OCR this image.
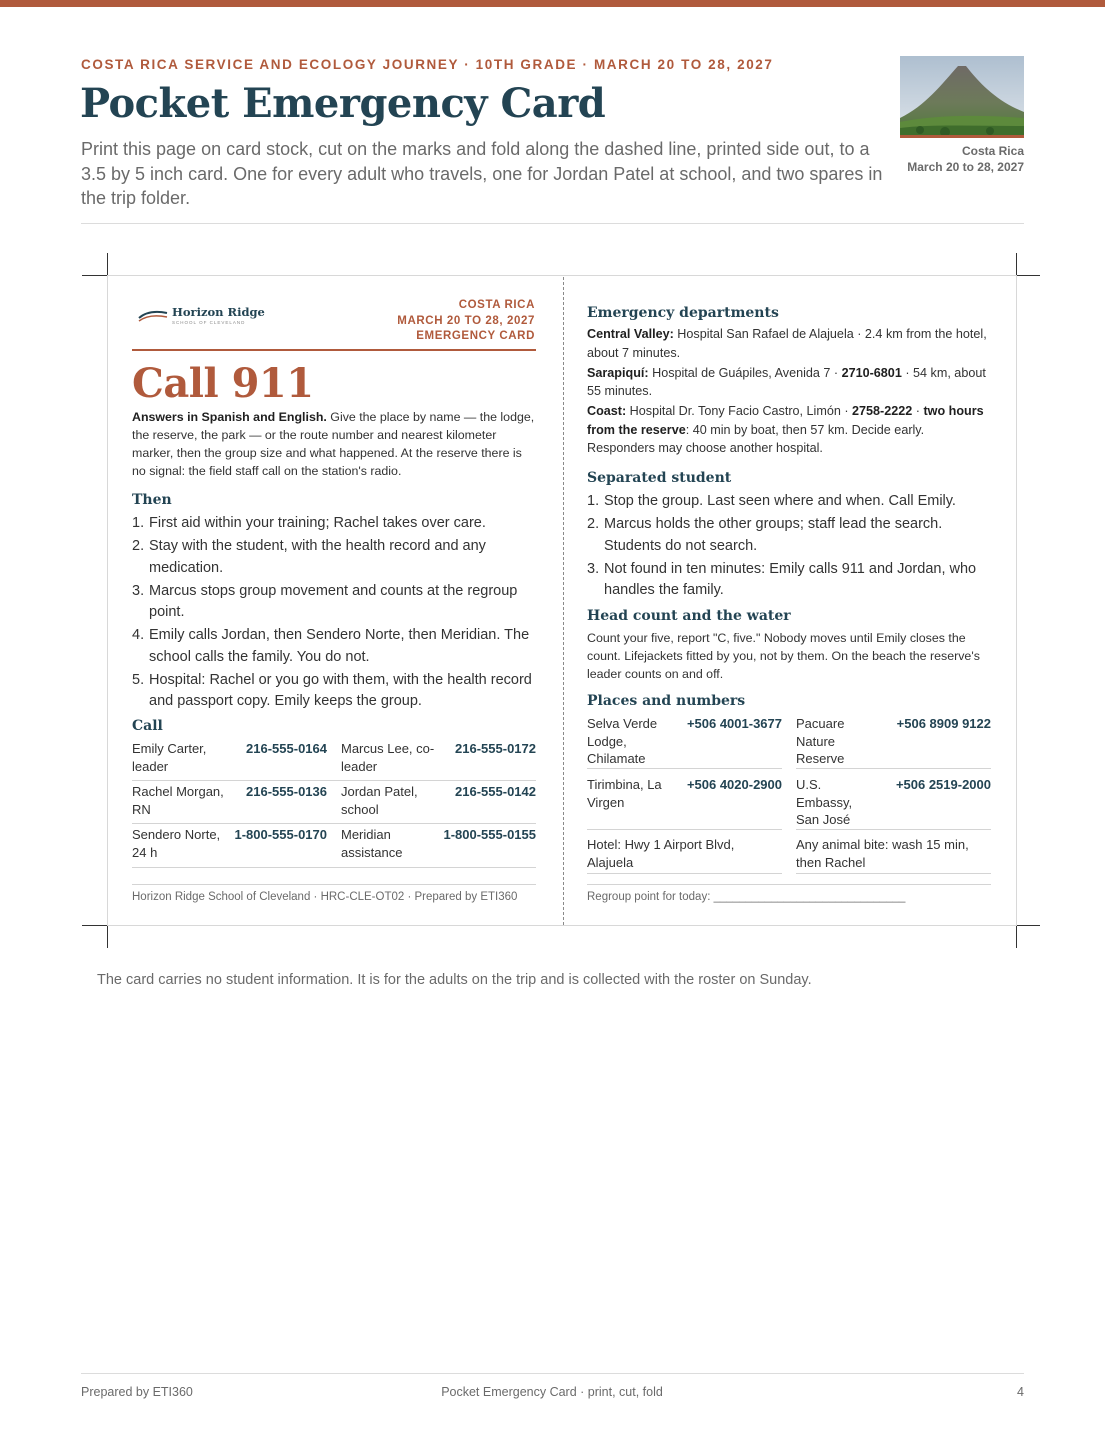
COSTA RICA SERVICE AND ECOLOGY JOURNEY · 10TH GRADE · MARCH 20 TO 28, 2027
Pocket Emergency Card

Print this page on card stock, cut on the marks and fold along the dashed line, printed side out, to a 3.5 by 5 inch card. One for every adult who travels, one for Jordan Patel at school, and two spares in the trip folder.

Costa Rica
March 20 to 28, 2027
Horizon Ridge
SCHOOL OF CLEVELAND
COSTA RICA
MARCH 20 TO 28, 2027
EMERGENCY CARD
Call 911

Answers in Spanish and English. Give the place by name — the lodge, the reserve, the park — or the route number and nearest kilometer marker, then the group size and what happened. At the reserve there is no signal: the field staff call on the station's radio.

Then
1. First aid within your training; Rachel takes over care.
2. Stay with the student, with the health record and any medication.
3. Marcus stops group movement and counts at the regroup point.
4. Emily calls Jordan, then Sendero Norte, then Meridian. The school calls the family. You do not.
5. Hospital: Rachel or you go with them, with the health record and passport copy. Emily keeps the group.
Call
Emily Carter, leader
216-555-0164 Marcus Lee, co-leader
216-555-0172
Rachel Morgan, RN
216-555-0136 Jordan Patel, school
216-555-0142
Sendero Norte, 24 h
1-800-555-0170 Meridian assistance
1-800-555-0155
Horizon Ridge School of Cleveland · HRC-CLE-OT02 · Prepared by ETI360
Emergency departments

Central Valley: Hospital San Rafael de Alajuela · 2.4 km from the hotel, about 7 minutes.

Sarapiquí: Hospital de Guápiles, Avenida 7 · 2710-6801 · 54 km, about 55 minutes.

Coast: Hospital Dr. Tony Facio Castro, Limón · 2758-2222 · two hours from the reserve: 40 min by boat, then 57 km. Decide early. Responders may choose another hospital.

Separated student
1. Stop the group. Last seen where and when. Call Emily.
2. Marcus holds the other groups; staff lead the search. Students do not search.
3. Not found in ten minutes: Emily calls 911 and Jordan, who handles the family.
Head count and the water

Count your five, report "C, five." Nobody moves until Emily closes the count. Lifejackets fitted by you, not by them. On the beach the reserve's leader counts on and off.

Places and numbers
Selva Verde Lodge, Chilamate
+506 4001-3677 Pacuare Nature Reserve
+506 8909 9122
Tirimbina, La Virgen
+506 4020-2900 U.S. Embassy, San José
+506 2519-2000
Hotel: Hwy 1 Airport Blvd, Alajuela
Any animal bite: wash 15 min, then Rachel
Regroup point for today: ______________________________
The card carries no student information. It is for the adults on the trip and is collected with the roster on Sunday.
Prepared by ETI360	Pocket Emergency Card · print, cut, fold	4
